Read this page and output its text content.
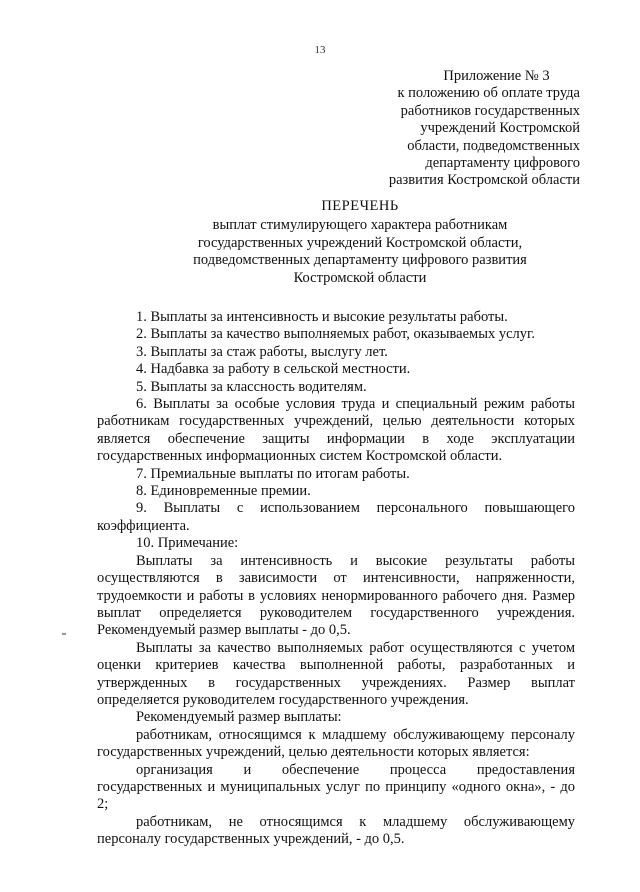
13
Приложение № 3
к положению об оплате труда
работников государственных
учреждений Костромской
области, подведомственных
департаменту цифрового
развития Костромской области
ПЕРЕЧЕНЬ
выплат стимулирующего характера работникам
государственных учреждений Костромской области,
подведомственных департаменту цифрового развития
Костромской области

1. Выплаты за интенсивность и высокие результаты работы.

2. Выплаты за качество выполняемых работ, оказываемых услуг.

3. Выплаты за стаж работы, выслугу лет.

4. Надбавка за работу в сельской местности.

5. Выплаты за классность водителям.

6. Выплаты за особые условия труда и специальный режим работы работникам государственных учреждений, целью деятельности которых является обеспечение защиты информации в ходе эксплуатации государственных информационных систем Костромской области.

7. Премиальные выплаты по итогам работы.

8. Единовременные премии.

9. Выплаты с использованием персонального повышающего коэффициента.

10. Примечание:

Выплаты за интенсивность и высокие результаты работы осуществляются в зависимости от интенсивности, напряженности, трудоемкости и работы в условиях ненормированного рабочего дня. Размер выплат определяется руководителем государственного учреждения. Рекомендуемый размер выплаты - до 0,5.

Выплаты за качество выполняемых работ осуществляются с учетом оценки критериев качества выполненной работы, разработанных и утвержденных в государственных учреждениях. Размер выплат определяется руководителем государственного учреждения.

Рекомендуемый размер выплаты:

работникам, относящимся к младшему обслуживающему персоналу государственных учреждений, целью деятельности которых является:

организация и обеспечение процесса предоставления государственных и муниципальных услуг по принципу «одного окна», - до 2;

работникам, не относящимся к младшему обслуживающему персоналу государственных учреждений, - до 0,5.
